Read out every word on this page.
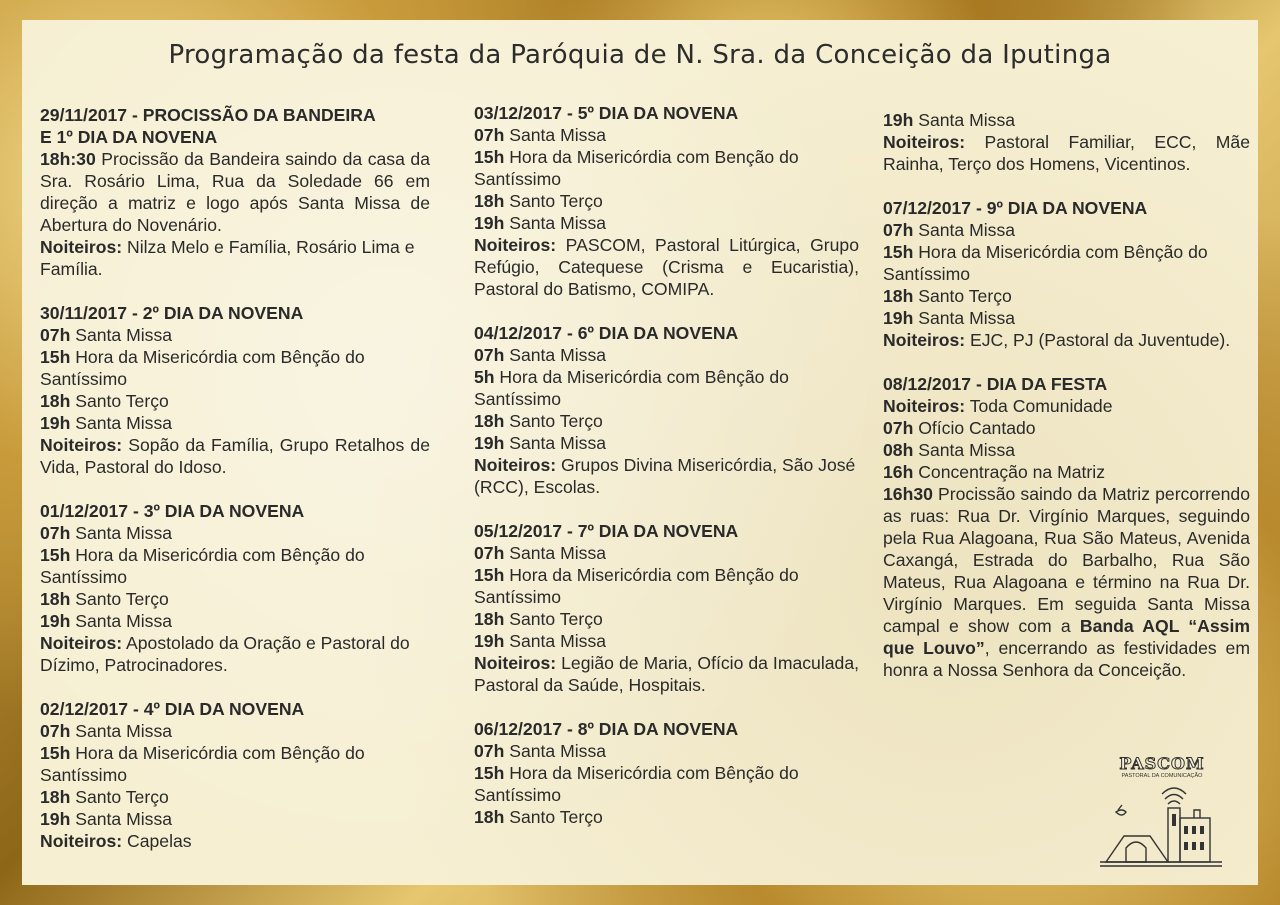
Programação da festa da Paróquia de N. Sra. da Conceição da Iputinga
29/11/2017 - PROCISSÃO DA BANDEIRA
E 1º DIA DA NOVENA
18h:30 Procissão da Bandeira saindo da casa da Sra. Rosário Lima, Rua da Soledade 66 em direção a matriz e logo após Santa Missa de Abertura do Novenário.
Noiteiros: Nilza Melo e Família, Rosário Lima e Família.
30/11/2017 - 2º DIA DA NOVENA
07h Santa Missa
15h Hora da Misericórdia com Bênção do Santíssimo
18h Santo Terço
19h Santa Missa
Noiteiros: Sopão da Família, Grupo Retalhos de Vida, Pastoral do Idoso.
01/12/2017 - 3º DIA DA NOVENA
07h Santa Missa
15h Hora da Misericórdia com Bênção do Santíssimo
18h Santo Terço
19h Santa Missa
Noiteiros: Apostolado da Oração e Pastoral do Dízimo, Patrocinadores.
02/12/2017 - 4º DIA DA NOVENA
07h Santa Missa
15h Hora da Misericórdia com Bênção do Santíssimo
18h Santo Terço
19h Santa Missa
Noiteiros: Capelas
03/12/2017 - 5º DIA DA NOVENA
07h Santa Missa
15h Hora da Misericórdia com Benção do Santíssimo
18h Santo Terço
19h Santa Missa
Noiteiros: PASCOM, Pastoral Litúrgica, Grupo Refúgio, Catequese (Crisma e Eucaristia), Pastoral do Batismo, COMIPA.
04/12/2017 - 6º DIA DA NOVENA
07h Santa Missa
5h Hora da Misericórdia com Bênção do Santíssimo
18h Santo Terço
19h Santa Missa
Noiteiros: Grupos Divina Misericórdia, São José (RCC), Escolas.
05/12/2017 - 7º DIA DA NOVENA
07h Santa Missa
15h Hora da Misericórdia com Bênção do Santíssimo
18h Santo Terço
19h Santa Missa
Noiteiros: Legião de Maria, Ofício da Imaculada, Pastoral da Saúde, Hospitais.
06/12/2017 - 8º DIA DA NOVENA
07h Santa Missa
15h Hora da Misericórdia com Bênção do Santíssimo
18h Santo Terço
19h Santa Missa
Noiteiros: Pastoral Familiar, ECC, Mãe Rainha, Terço dos Homens, Vicentinos.
07/12/2017 - 9º DIA DA NOVENA
07h Santa Missa
15h Hora da Misericórdia com Bênção do Santíssimo
18h Santo Terço
19h Santa Missa
Noiteiros: EJC, PJ (Pastoral da Juventude).
08/12/2017 - DIA DA FESTA
Noiteiros: Toda Comunidade
07h Ofício Cantado
08h Santa Missa
16h Concentração na Matriz
16h30 Procissão saindo da Matriz percorrendo as ruas: Rua Dr. Virgínio Marques, seguindo pela Rua Alagoana, Rua São Mateus, Avenida Caxangá, Estrada do Barbalho, Rua São Mateus, Rua Alagoana e término na Rua Dr. Virgínio Marques. Em seguida Santa Missa campal e show com a Banda AQL “Assim que Louvo”, encerrando as festividades em honra a Nossa Senhora da Conceição.
PASCOM
PASTORAL DA COMUNICAÇÃO
